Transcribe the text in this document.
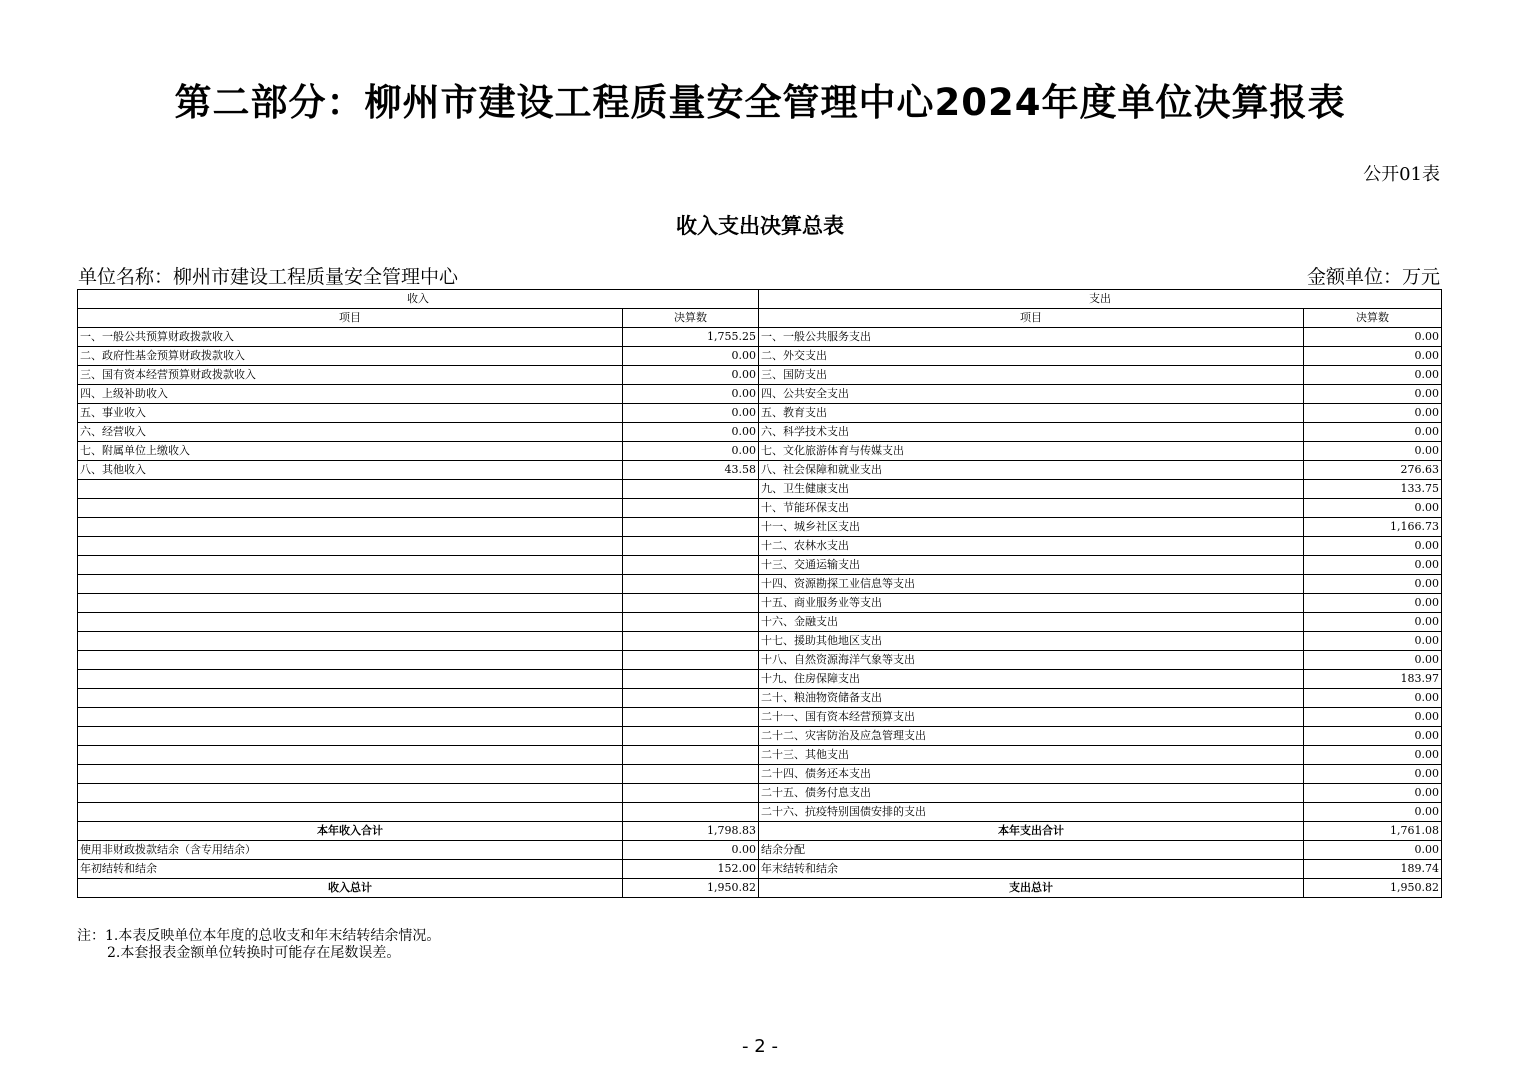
第二部分：柳州市建设工程质量安全管理中心2024年度单位决算报表
公开01表
收入支出决算总表
单位名称：柳州市建设工程质量安全管理中心	金额单位：万元
收入		支出	
项目	决算数	项目	决算数
一、一般公共预算财政拨款收入	1,755.25	一、一般公共服务支出	0.00
二、政府性基金预算财政拨款收入	0.00	二、外交支出	0.00
三、国有资本经营预算财政拨款收入	0.00	三、国防支出	0.00
四、上级补助收入	0.00	四、公共安全支出	0.00
五、事业收入	0.00	五、教育支出	0.00
六、经营收入	0.00	六、科学技术支出	0.00
七、附属单位上缴收入	0.00	七、文化旅游体育与传媒支出	0.00
八、其他收入	43.58	八、社会保障和就业支出	276.63
		九、卫生健康支出	133.75
		十、节能环保支出	0.00
		十一、城乡社区支出	1,166.73
		十二、农林水支出	0.00
		十三、交通运输支出	0.00
		十四、资源勘探工业信息等支出	0.00
		十五、商业服务业等支出	0.00
		十六、金融支出	0.00
		十七、援助其他地区支出	0.00
		十八、自然资源海洋气象等支出	0.00
		十九、住房保障支出	183.97
		二十、粮油物资储备支出	0.00
		二十一、国有资本经营预算支出	0.00
		二十二、灾害防治及应急管理支出	0.00
		二十三、其他支出	0.00
		二十四、债务还本支出	0.00
		二十五、债务付息支出	0.00
		二十六、抗疫特别国债安排的支出	0.00
本年收入合计	1,798.83	本年支出合计	1,761.08
使用非财政拨款结余（含专用结余）	0.00	结余分配	0.00
年初结转和结余	152.00	年末结转和结余	189.74
收入总计	1,950.82	支出总计	1,950.82
注：1.本表反映单位本年度的总收支和年末结转结余情况。
2.本套报表金额单位转换时可能存在尾数误差。
- 2 -
